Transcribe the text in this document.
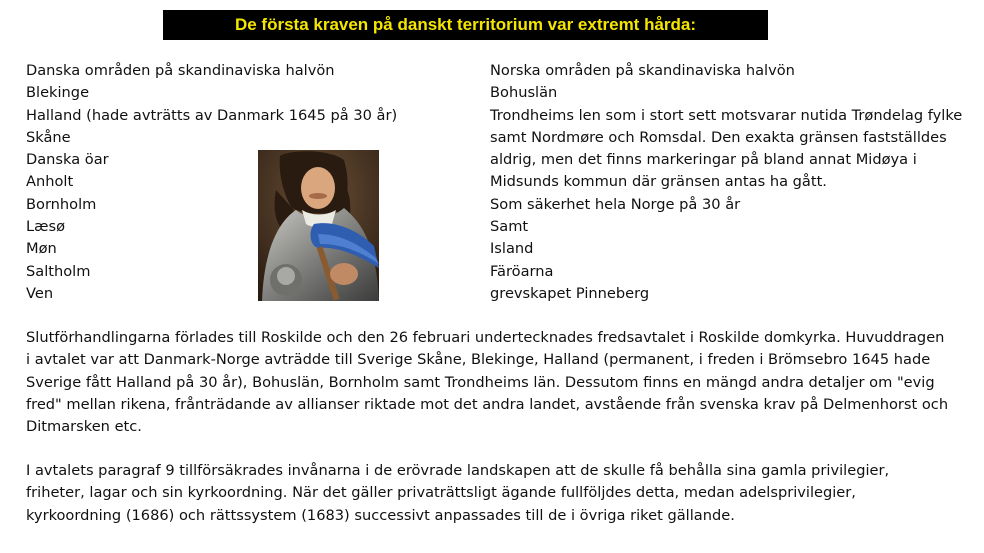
De första kraven på danskt territorium var extremt hårda:
Danska områden på skandinaviska halvön
Blekinge
Halland (hade avträtts av Danmark 1645 på 30 år)
Skåne
Danska öar
Anholt
Bornholm
Læsø
Møn
Saltholm
Ven
Norska områden på skandinaviska halvön
Bohuslän
Trondheims len som i stort sett motsvarar nutida Trøndelag fylke
samt Nordmøre och Romsdal. Den exakta gränsen fastställdes
aldrig, men det finns markeringar på bland annat Midøya i
Midsunds kommun där gränsen antas ha gått.
Som säkerhet hela Norge på 30 år
Samt
Island
Färöarna
grevskapet Pinneberg
Slutförhandlingarna förlades till Roskilde och den 26 februari undertecknades fredsavtalet i Roskilde domkyrka. Huvuddragen
i avtalet var att Danmark-Norge avträdde till Sverige Skåne, Blekinge, Halland (permanent, i freden i Brömsebro 1645 hade
Sverige fått Halland på 30 år), Bohuslän, Bornholm samt Trondheims län. Dessutom finns en mängd andra detaljer om "evig
fred" mellan rikena, frånträdande av allianser riktade mot det andra landet, avstående från svenska krav på Delmenhorst och
Ditmarsken etc.
I avtalets paragraf 9 tillförsäkrades invånarna i de erövrade landskapen att de skulle få behålla sina gamla privilegier,
friheter, lagar och sin kyrkoordning. När det gäller privaträttsligt ägande fullföljdes detta, medan adelsprivilegier,
kyrkoordning (1686) och rättssystem (1683) successivt anpassades till de i övriga riket gällande.
